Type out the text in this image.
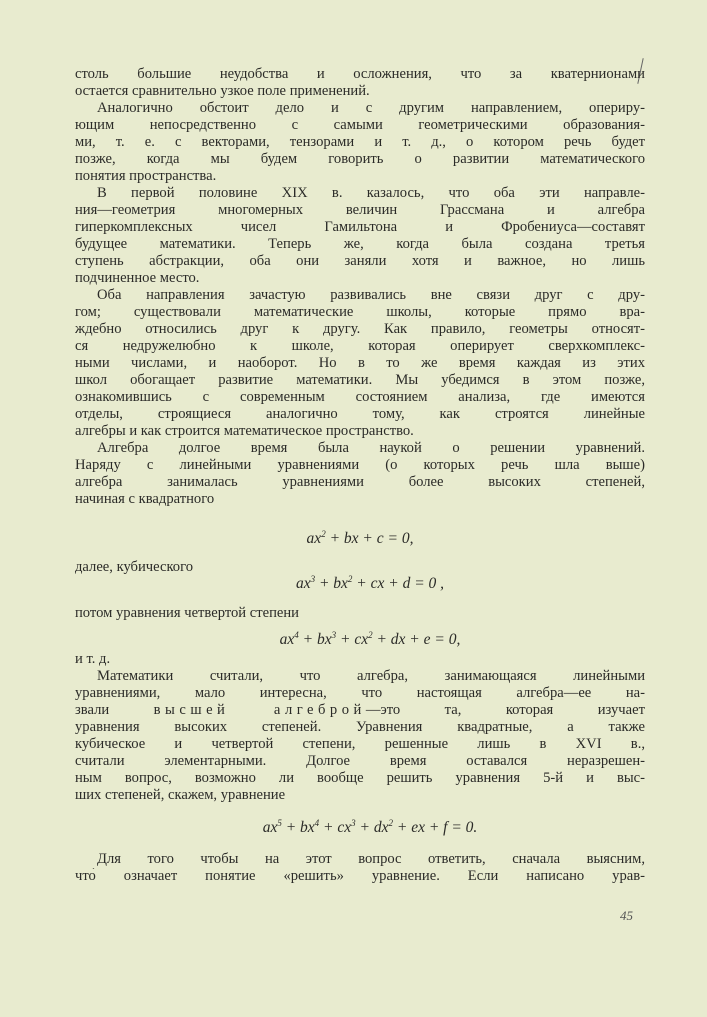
столь большие неудобства и осложнения, что за кватернионами
остается сравнительно узкое поле применений.
Аналогично обстоит дело и с другим направлением, опериру-
ющим непосредственно с самыми геометрическими образования-
ми, т. е. с векторами, тензорами и т. д., о котором речь будет
позже, когда мы будем говорить о развитии математического
понятия пространства.
В первой половине XIX в. казалось, что оба эти направле-
ния—геометрия многомерных величин Грассмана и алгебра
гиперкомплексных чисел Гамильтона и Фробениуса—составят
будущее математики. Теперь же, когда была создана третья
ступень абстракции, оба они заняли хотя и важное, но лишь
подчиненное место.
Оба направления зачастую развивались вне связи друг с дру-
гом; существовали математические школы, которые прямо вра-
ждебно относились друг к другу. Как правило, геометры относят-
ся недружелюбно к школе, которая оперирует сверхкомплекс-
ными числами, и наоборот. Но в то же время каждая из этих
школ обогащает развитие математики. Мы убедимся в этом позже,
ознакомившись с современным состоянием анализа, где имеются
отделы, строящиеся аналогично тому, как строятся линейные
алгебры и как строится математическое пространство.
Алгебра долгое время была наукой о решении уравнений.
Наряду с линейными уравнениями (о которых речь шла выше)
алгебра занималась уравнениями более высоких степеней,
начиная с квадратного
$ax^2$ + bx + c = 0,
далее, кубического
$ax^3 + bx^2$ + cx + d = 0 ,
потом уравнения четвертой степени
$ax^4 + bx^3 + cx^2$ + dx + e = 0,
и т. д.
Математики считали, что алгебра, занимающаяся линейными
уравнениями, мало интересна, что настоящая алгебра—ее на-
звали	высшей	алгеброй—это та, которая изучает
уравнения высоких степеней. Уравнения квадратные, а также
кубическое и четвертой степени, решенные лишь в XVI в.,
считали элементарными. Долгое время оставался неразрешен-
ным вопрос, возможно ли вообще решить уравнения 5-й и выс-
ших степеней, скажем, уравнение
$ax^5 + bx^4 + cx^3 + dx^2$ + ex + f = 0.
Для того чтобы на этот вопрос ответить, сначала выясним,
что́ означает понятие «решить» уравнение. Если написано урав-
45
